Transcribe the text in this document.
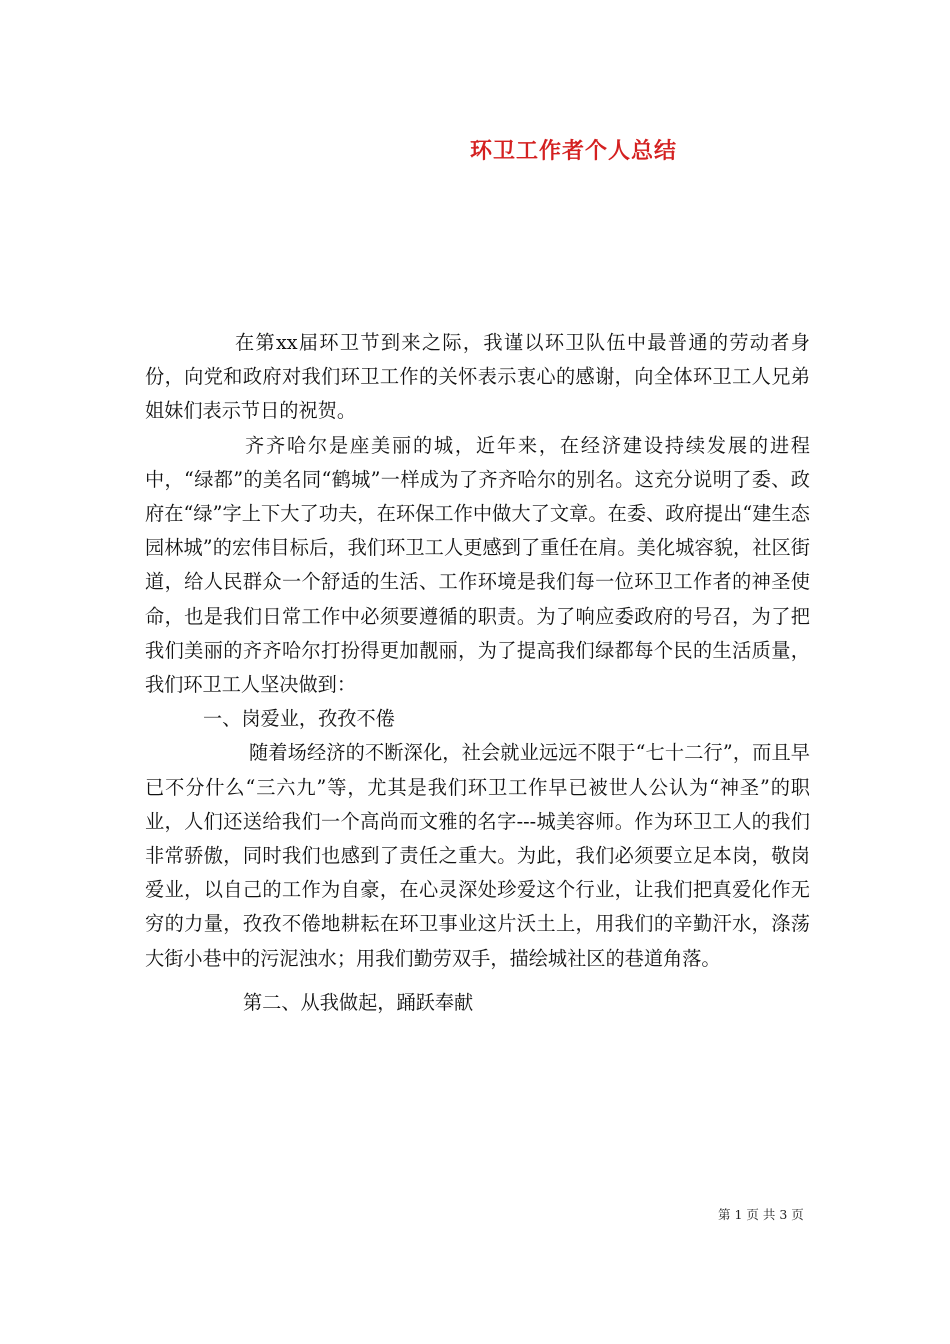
环卫工作者个人总结

在第xx届环卫节到来之际，我谨以环卫队伍中最普通的劳动者身份，向党和政府对我们环卫工作的关怀表示衷心的感谢，向全体环卫工人兄弟姐妹们表示节日的祝贺。

齐齐哈尔是座美丽的城，近年来，在经济建设持续发展的进程中，“绿都”的美名同“鹤城”一样成为了齐齐哈尔的别名。这充分说明了委、政府在“绿”字上下大了功夫，在环保工作中做大了文章。在委、政府提出“建生态园林城”的宏伟目标后，我们环卫工人更感到了重任在肩。美化城容貌，社区街道，给人民群众一个舒适的生活、工作环境是我们每一位环卫工作者的神圣使命，也是我们日常工作中必须要遵循的职责。为了响应委政府的号召，为了把我们美丽的齐齐哈尔打扮得更加靓丽，为了提高我们绿都每个民的生活质量，我们环卫工人坚决做到：

一、岗爱业，孜孜不倦

随着场经济的不断深化，社会就业远远不限于“七十二行”，而且早已不分什么“三六九”等，尤其是我们环卫工作早已被世人公认为“神圣”的职业，人们还送给我们一个高尚而文雅的名字---城美容师。作为环卫工人的我们非常骄傲，同时我们也感到了责任之重大。为此，我们必须要立足本岗，敬岗爱业，以自己的工作为自豪，在心灵深处珍爱这个行业，让我们把真爱化作无穷的力量，孜孜不倦地耕耘在环卫事业这片沃土上，用我们的辛勤汗水，涤荡大街小巷中的污泥浊水；用我们勤劳双手，描绘城社区的巷道角落。

第二、从我做起，踊跃奉献

第 1 页 共 3 页
